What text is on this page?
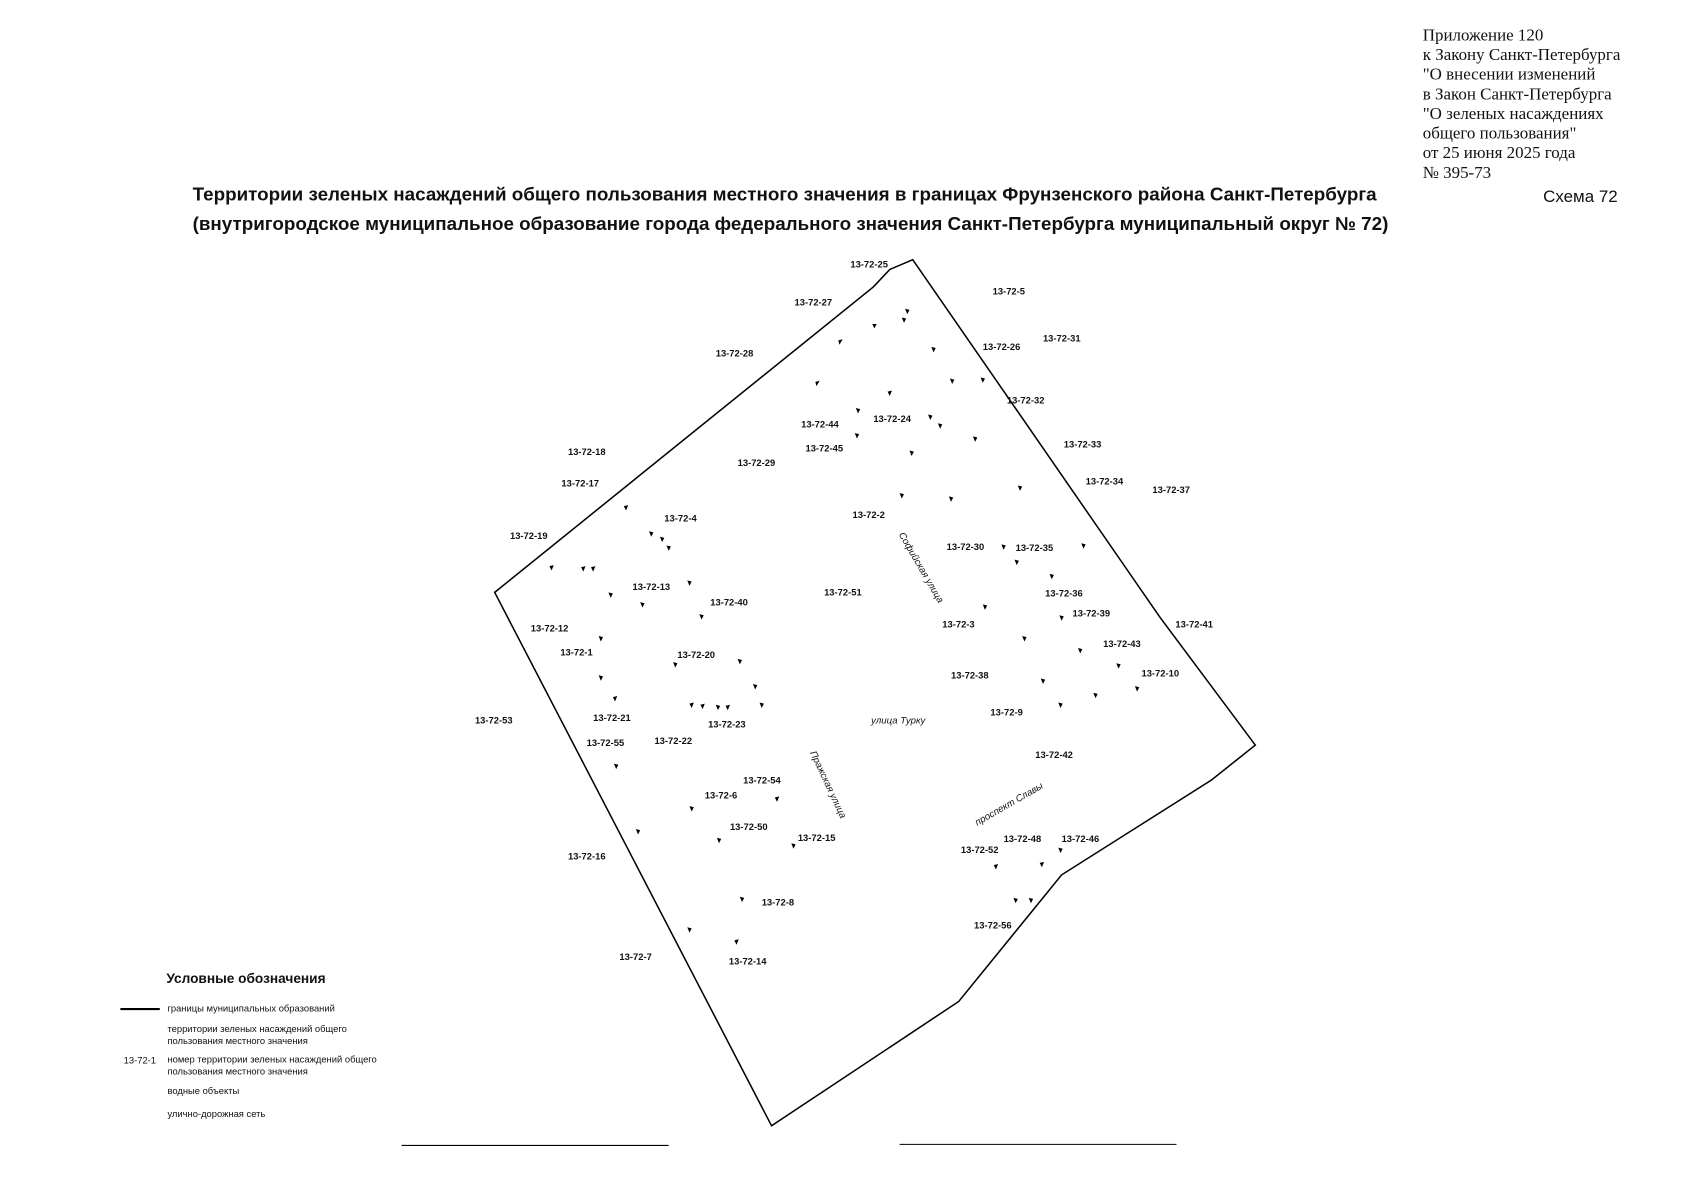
Приложение 120
к Закону Санкт-Петербурга
"О внесении изменений
в Закон Санкт-Петербурга
"О зеленых насаждениях
общего пользования"
от 25 июня 2025 года
№ 395-73
Территории зеленых насаждений общего пользования местного значения в границах Фрунзенского района Санкт-Петербурга
(внутригородское муниципальное образование города федерального значения Санкт-Петербурга муниципальный округ № 72)
Схема 72
13-72-25
13-72-5
13-72-27
13-72-26
13-72-31
13-72-28
13-72-32
13-72-44	13-72-24
13-72-45	13-72-33
13-72-18
13-72-29
13-72-17	13-72-34
13-72-37
13-72-2
13-72-4
13-72-19
13-72-30	13-72-35
13-72-13	13-72-51	13-72-36
13-72-40
13-72-39
13-72-12	13-72-3	13-72-41
13-72-1
13-72-43
13-72-20
13-72-10
13-72-38
13-72-53	13-72-21	13-72-9
13-72-23
13-72-22
13-72-55
13-72-42
13-72-54
13-72-6
13-72-50
13-72-15	13-72-48 13-72-46
13-72-52
13-72-16
13-72-8
13-72-56
13-72-7	13-72-14
Софийская улица
улица Турку
Пражская улица	проспект Славы
Условные обозначения
границы муниципальных образований
территории зеленых насаждений общего
пользования местного значения
13-72-1 номер территории зеленых насаждений общего
пользования местного значения
водные объекты
улично-дорожная сеть
